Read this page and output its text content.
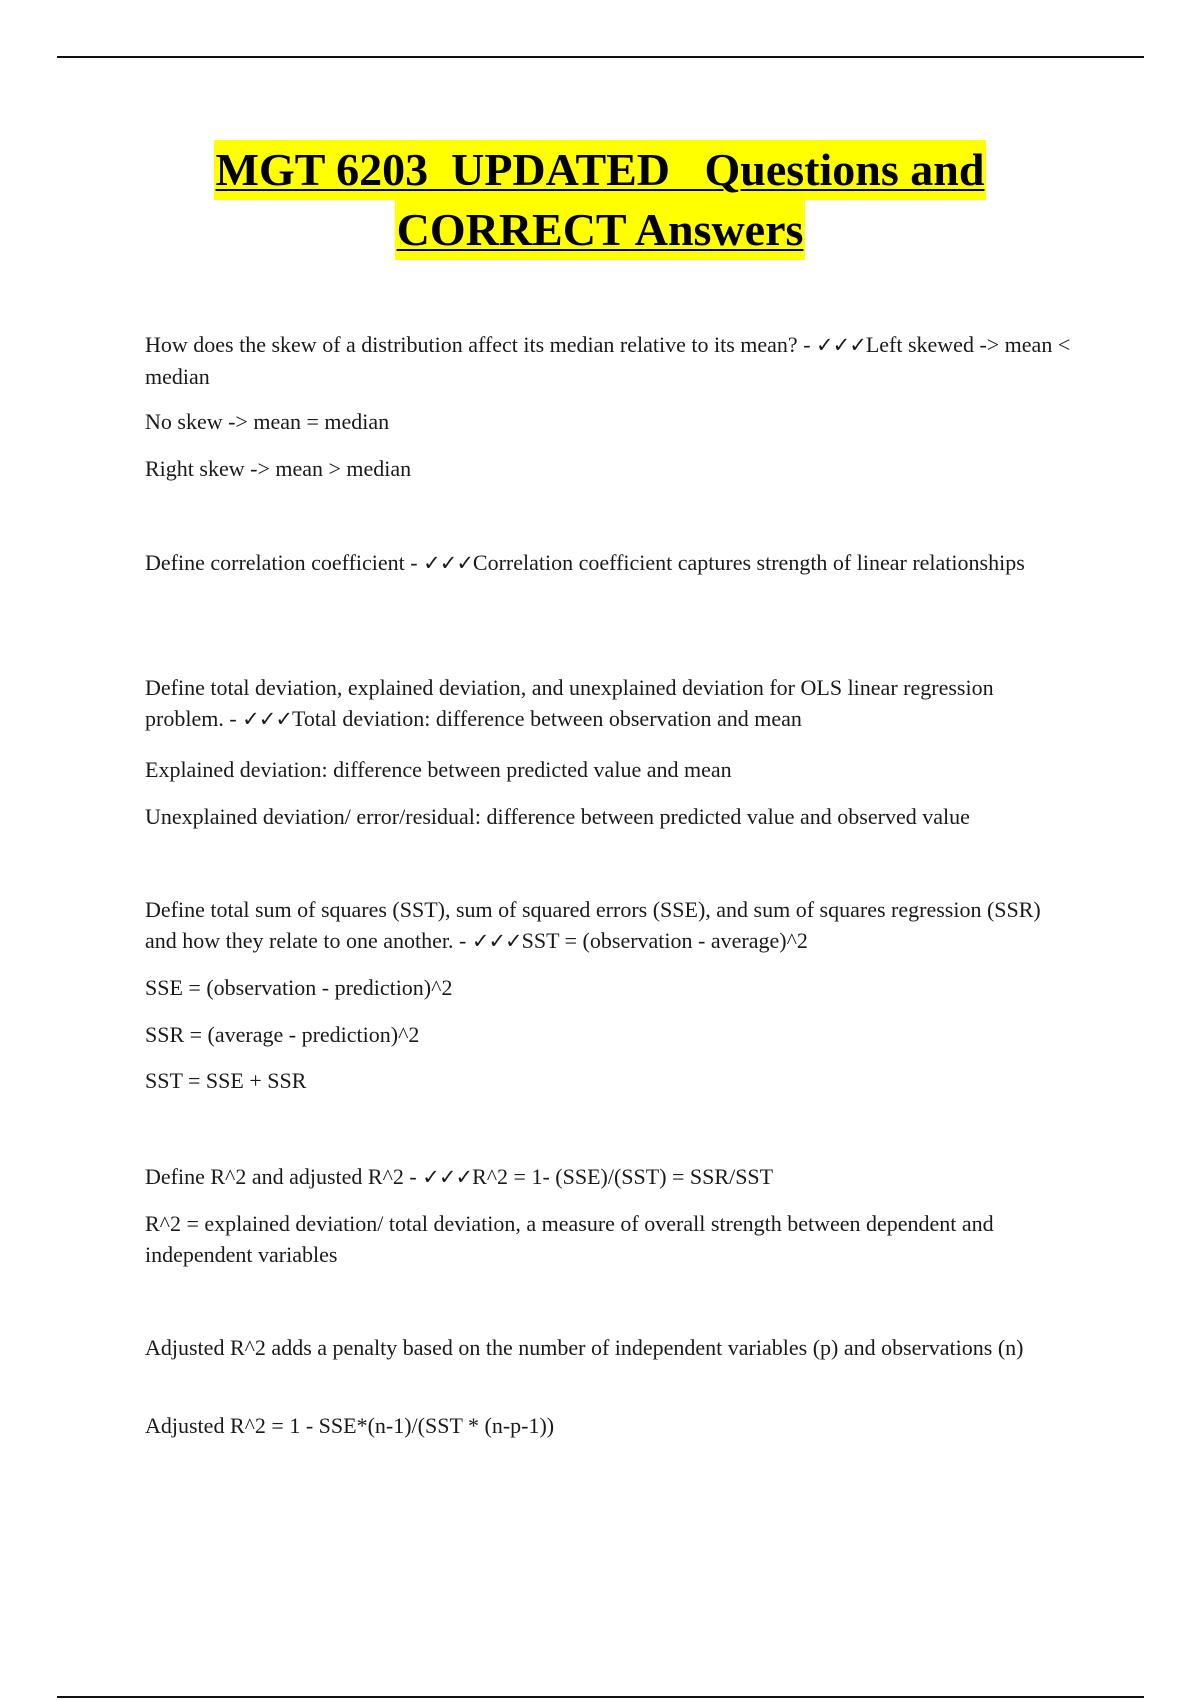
MGT 6203  UPDATED   Questions and
CORRECT Answers

How does the skew of a distribution affect its median relative to its mean? - ✓✓✓Left skewed -> mean < median

No skew -> mean = median

Right skew -> mean > median

Define correlation coefficient - ✓✓✓Correlation coefficient captures strength of linear relationships

Define total deviation, explained deviation, and unexplained deviation for OLS linear regression problem. - ✓✓✓Total deviation: difference between observation and mean

Explained deviation: difference between predicted value and mean

Unexplained deviation/ error/residual: difference between predicted value and observed value

Define total sum of squares (SST), sum of squared errors (SSE), and sum of squares regression (SSR) and how they relate to one another. - ✓✓✓SST = (observation - average)^2

SSE = (observation - prediction)^2

SSR = (average - prediction)^2

SST = SSE + SSR

Define R^2 and adjusted R^2 - ✓✓✓R^2 = 1- (SSE)/(SST) = SSR/SST

R^2 = explained deviation/ total deviation, a measure of overall strength between dependent and independent variables

Adjusted R^2 adds a penalty based on the number of independent variables (p) and observations (n)

Adjusted R^2 = 1 - SSE*(n-1)/(SST * (n-p-1))
